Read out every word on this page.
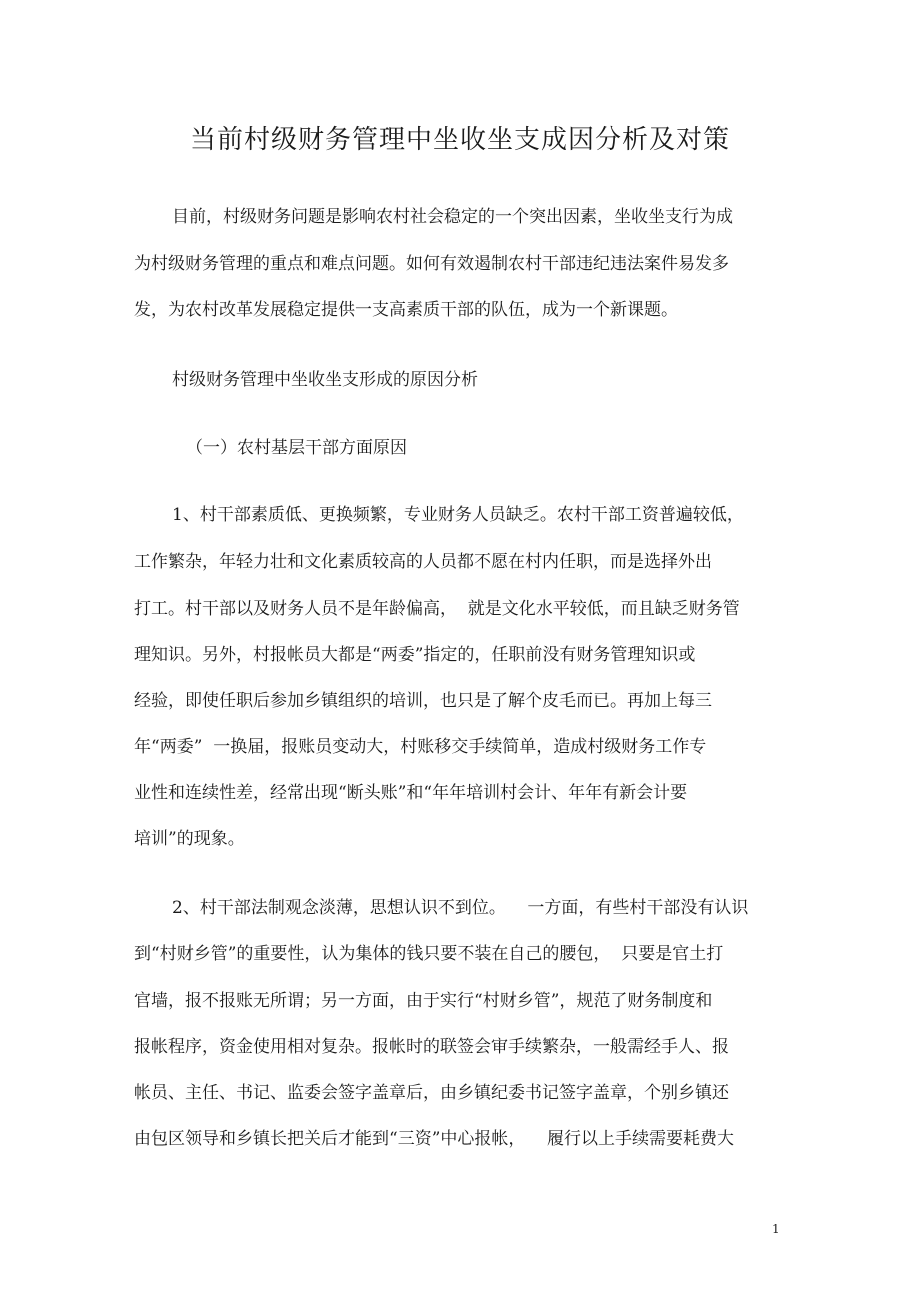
当前村级财务管理中坐收坐支成因分析及对策

目前，村级财务问题是影响农村社会稳定的一个突出因素，坐收坐支行为成

为村级财务管理的重点和难点问题。如何有效遏制农村干部违纪违法案件易发多

发，为农村改革发展稳定提供一支高素质干部的队伍，成为一个新课题。

村级财务管理中坐收坐支形成的原因分析

（一）农村基层干部方面原因

1、村干部素质低、更换频繁，专业财务人员缺乏。农村干部工资普遍较低，

工作繁杂，年轻力壮和文化素质较高的人员都不愿在村内任职，而是选择外出

打工。村干部以及财务人员不是年龄偏高，  就是文化水平较低，而且缺乏财务管

理知识。另外，村报帐员大都是“两委”指定的，任职前没有财务管理知识或

经验，即使任职后参加乡镇组织的培训，也只是了解个皮毛而已。再加上每三

年“两委”  一换届，报账员变动大，村账移交手续简单，造成村级财务工作专

业性和连续性差，经常出现“断头账”和“年年培训村会计、年年有新会计要

培训”的现象。

2、村干部法制观念淡薄，思想认识不到位。    一方面，有些村干部没有认识

到“村财乡管”的重要性，认为集体的钱只要不装在自己的腰包，  只要是官土打

官墙，报不报账无所谓；另一方面，由于实行“村财乡管”，规范了财务制度和

报帐程序，资金使用相对复杂。报帐时的联签会审手续繁杂，一般需经手人、报

帐员、主任、书记、监委会签字盖章后，由乡镇纪委书记签字盖章，个别乡镇还

由包区领导和乡镇长把关后才能到“三资”中心报帐，    履行以上手续需要耗费大

1
